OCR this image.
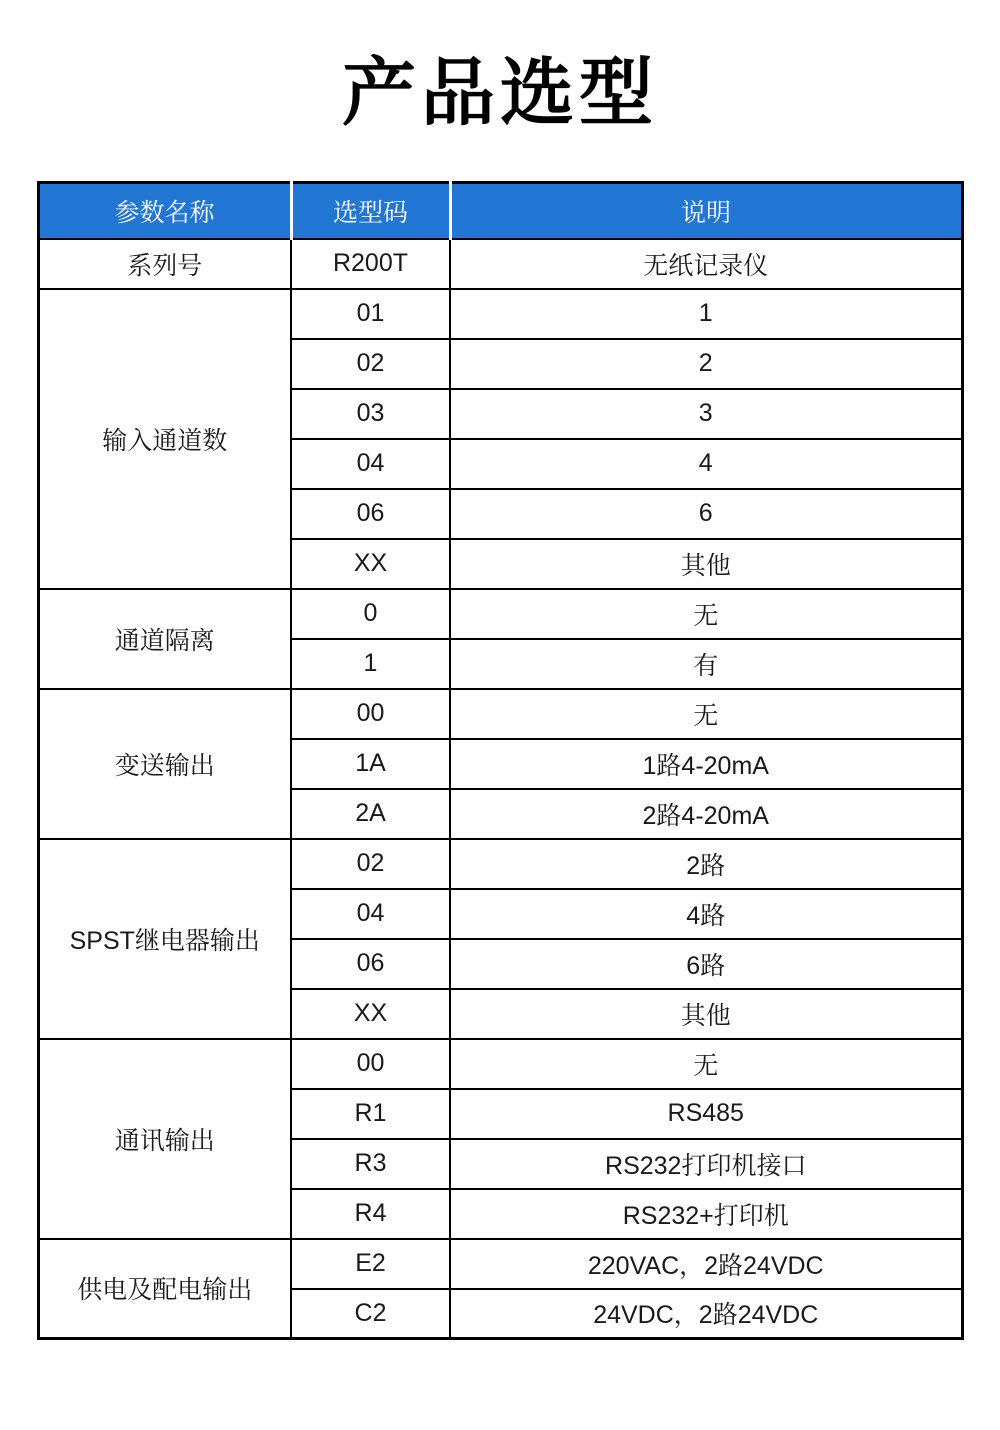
产品选型
参数名称	选型码	说明
系列号	R200T	无纸记录仪
输入通道数	01	1
	02	2
	03	3
	04	4
	06	6
	XX	其他
通道隔离	0	无
	1	有
变送输出	00	无
	1A	1路4-20mA
	2A	2路4-20mA
SPST继电器输出	02	2路
	04	4路
	06	6路
	XX	其他
通讯输出	00	无
	R1	RS485
	R3	RS232打印机接口
	R4	RS232+打印机
供电及配电输出	E2	220VAC，2路24VDC
	C2	24VDC，2路24VDC
